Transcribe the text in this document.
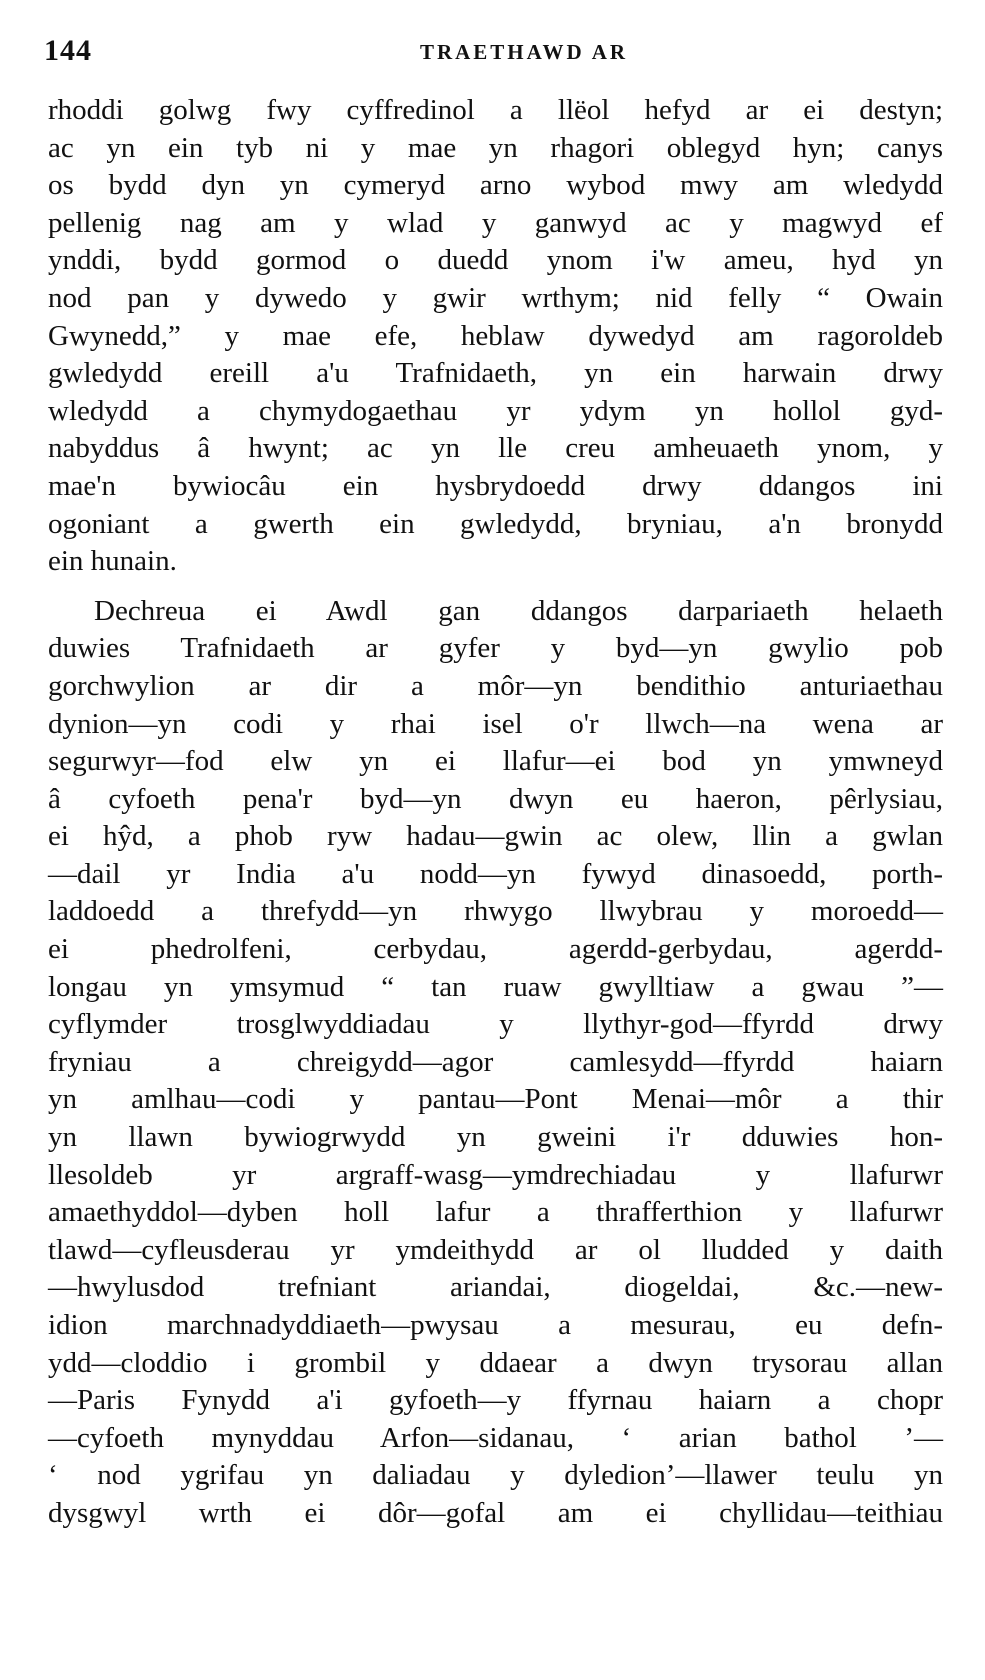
144	TRAETHAWD AR
rhoddi golwg fwy cyffredinol a llëol hefyd ar ei destyn;
ac yn ein tyb ni y mae yn rhagori oblegyd hyn; canys
os bydd dyn yn cymeryd arno wybod mwy am wledydd
pellenig nag am y wlad y ganwyd ac y magwyd ef
ynddi, bydd gormod o duedd ynom i'w ameu, hyd yn
nod pan y dywedo y gwir wrthym; nid felly “ Owain
Gwynedd,” y mae efe, heblaw dywedyd am ragoroldeb
gwledydd ereill a'u Trafnidaeth, yn ein harwain drwy
wledydd a chymydogaethau yr ydym yn hollol gyd-
nabyddus â hwynt; ac yn lle creu amheuaeth ynom, y
mae'n bywiocâu ein hysbrydoedd drwy ddangos ini
ogoniant a gwerth ein gwledydd, bryniau, a'n bronydd
ein hunain.
Dechreua ei Awdl gan ddangos darpariaeth helaeth
duwies Trafnidaeth ar gyfer y byd—yn gwylio pob
gorchwylion ar dir a môr—yn bendithio anturiaethau
dynion—yn codi y rhai isel o'r llwch—na wena ar
segurwyr—fod elw yn ei llafur—ei bod yn ymwneyd
â cyfoeth pena'r byd—yn dwyn eu haeron, pêrlysiau,
ei hŷd, a phob ryw hadau—gwin ac olew, llin a gwlan
—dail yr India a'u nodd—yn fywyd dinasoedd, porth-
laddoedd a threfydd—yn rhwygo llwybrau y moroedd—
ei phedrolfeni, cerbydau, agerdd-gerbydau, agerdd-
longau yn ymsymud “ tan ruaw gwylltiaw a gwau ”—
cyflymder trosglwyddiadau y llythyr-god—ffyrdd drwy
fryniau a chreigydd—agor camlesydd—ffyrdd haiarn
yn amlhau—codi y pantau—Pont Menai—môr a thir
yn llawn bywiogrwydd yn gweini i'r dduwies hon-
llesoldeb yr argraff-wasg—ymdrechiadau y llafurwr
amaethyddol—dyben holl lafur a thrafferthion y llafurwr
tlawd—cyfleusderau yr ymdeithydd ar ol lludded y daith
—hwylusdod trefniant ariandai, diogeldai, &c.—new-
idion marchnadyddiaeth—pwysau a mesurau, eu defn-
ydd—cloddio i grombil y ddaear a dwyn trysorau allan
—Paris Fynydd a'i gyfoeth—y ffyrnau haiarn a chopr
—cyfoeth mynyddau Arfon—sidanau, ‘ arian bathol ’—
‘ nod ygrifau yn daliadau y dyledion’—llawer teulu yn
dysgwyl wrth ei dôr—gofal am ei chyllidau—teithiau
